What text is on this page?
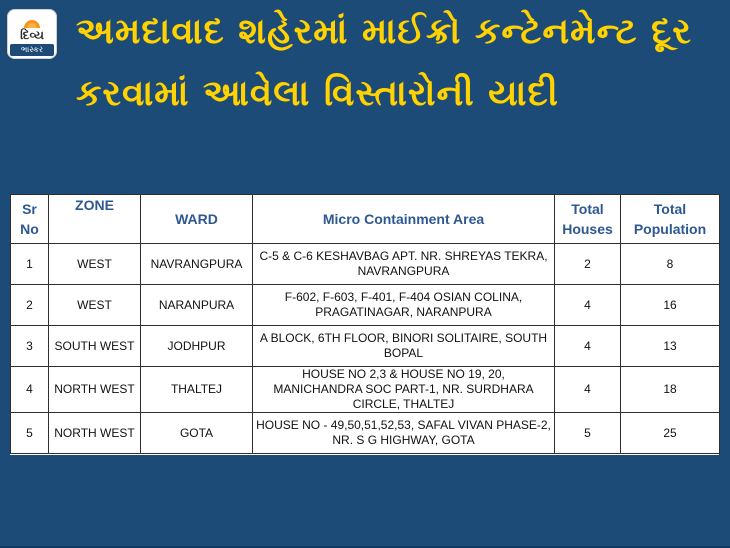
દિવ્ય
ભાસ્કર અમદાવાદ શહેરમાં માઈક્રો કન્ટેનમેન્ટ દૂર
કરવામાં આવેલા વિસ્તારોની યાદી
Sr No	ZONE	WARD	Micro Containment Area	Total Houses	Total Population
1	WEST	NAVRANGPURA	C-5 & C-6 KESHAVBAG APT. NR. SHREYAS TEKRA, NAVRANGPURA	2	8
2	WEST	NARANPURA	F-602, F-603, F-401, F-404 OSIAN COLINA, PRAGATINAGAR, NARANPURA	4	16
3	SOUTH WEST	JODHPUR	A BLOCK, 6TH FLOOR, BINORI SOLITAIRE, SOUTH BOPAL	4	13
4	NORTH WEST	THALTEJ	HOUSE NO 2,3 & HOUSE NO 19, 20, MANICHANDRA SOC PART-1, NR. SURDHARA CIRCLE, THALTEJ	4	18
5	NORTH WEST	GOTA	HOUSE NO - 49,50,51,52,53, SAFAL VIVAN PHASE-2, NR. S G HIGHWAY, GOTA	5	25
